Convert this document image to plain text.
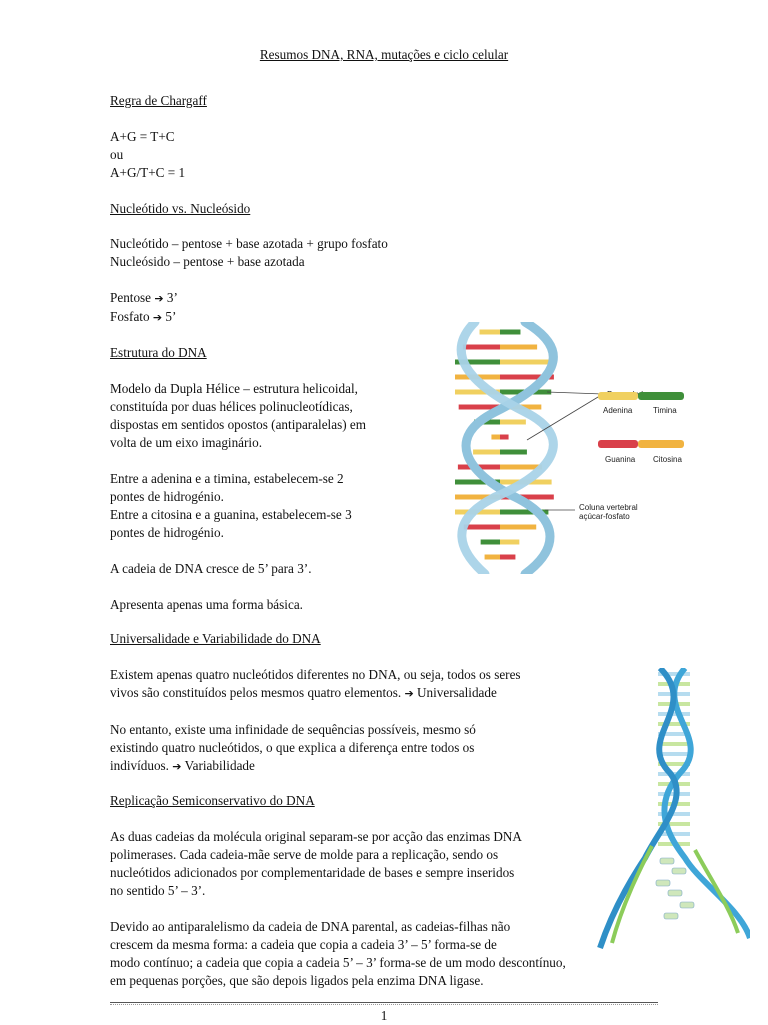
Resumos DNA, RNA, mutações e ciclo celular
Regra de Chargaff
A+G = T+C
ou
A+G/T+C = 1
Nucleótido vs. Nucleósido
Nucleótido – pentose + base azotada + grupo fosfato
Nucleósido – pentose + base azotada
Pentose ➔ 3’
Fosfato ➔ 5’
Estrutura do DNA
Modelo da Dupla Hélice – estrutura helicoidal,
constituída por duas hélices polinucleotídicas,
dispostas em sentidos opostos (antiparalelas) em
volta de um eixo imaginário.
Entre a adenina e a timina, estabelecem-se 2
pontes de hidrogénio.
Entre a citosina e a guanina, estabelecem-se 3
pontes de hidrogénio.
A cadeia de DNA cresce de 5’ para 3’.
Apresenta apenas uma forma básica.
Universalidade e Variabilidade do DNA
Existem apenas quatro nucleótidos diferentes no DNA, ou seja, todos os seres
vivos são constituídos pelos mesmos quatro elementos. ➔ Universalidade
No entanto, existe uma infinidade de sequências possíveis, mesmo só
existindo quatro nucleótidos, o que explica a diferença entre todos os
indivíduos. ➔ Variabilidade
Replicação Semiconservativo do DNA
As duas cadeias da molécula original separam-se por acção das enzimas DNA
polimerases. Cada cadeia-mãe serve de molde para a replicação, sendo os
nucleótidos adicionados por complementaridade de bases e sempre inseridos
no sentido 5’ – 3’.
Devido ao antiparalelismo da cadeia de DNA parental, as cadeias-filhas não
crescem da mesma forma: a cadeia que copia a cadeia 3’ – 5’ forma-se de
modo contínuo; a cadeia que copia a cadeia 5’ – 3’ forma-se de um modo descontínuo,
em pequenas porções, que são depois ligados pela enzima DNA ligase.
Adenina	Timina
Guanina Citosina
Coluna vertebral
açúcar-fosfato
1
